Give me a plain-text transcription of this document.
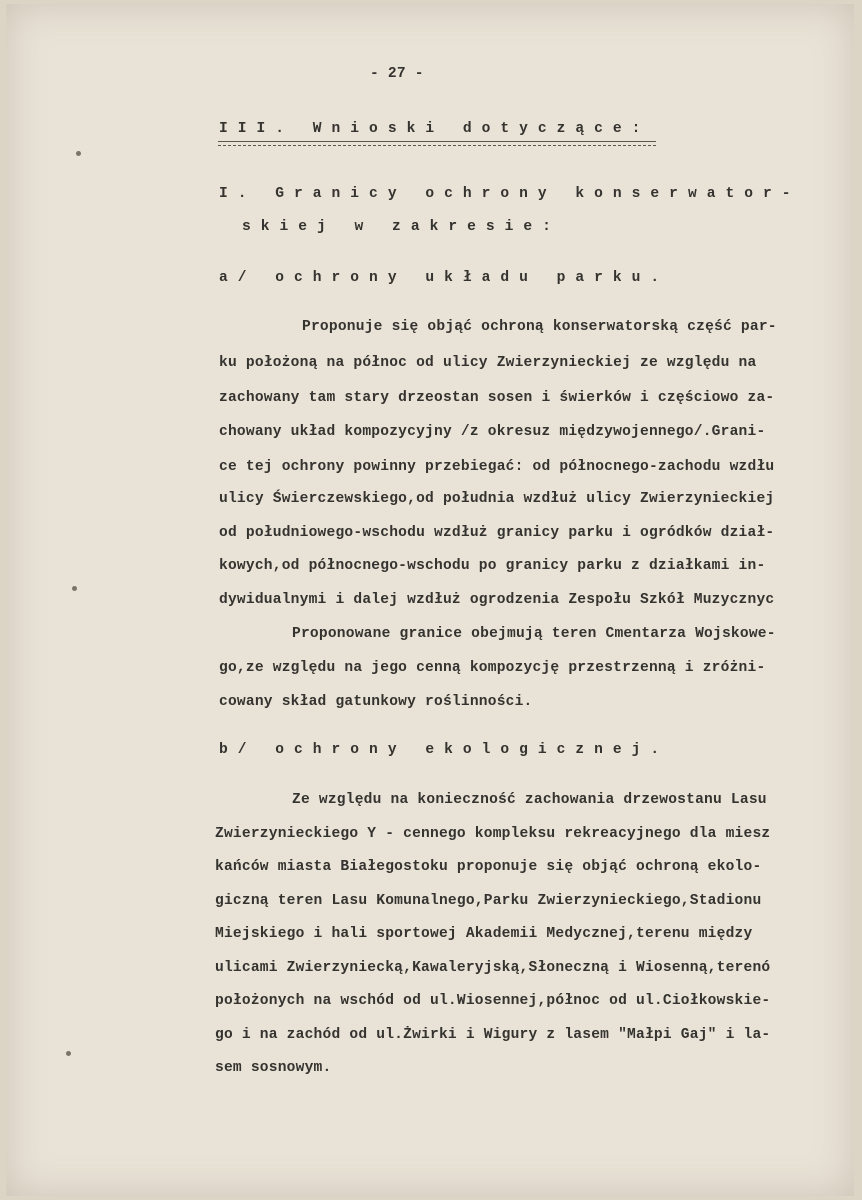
- 27 -
III. Wnioski dotyczące:
I. Granicy ochrony konserwator-
skiej w zakresie:
a/ ochrony układu parku.
Proponuje się objąć ochroną konserwatorską część par-
ku położoną na północ od ulicy Zwierzynieckiej ze względu na
zachowany tam stary drzeostan sosen i świerków i częściowo za-
chowany układ kompozycyjny /z okresuz międzywojennego/.Grani-
ce tej ochrony powinny przebiegać: od północnego-zachodu wzdłu
ulicy Świerczewskiego,od południa wzdłuż ulicy Zwierzynieckiej
od południowego-wschodu wzdłuż granicy parku i ogródków dział-
kowych,od północnego-wschodu po granicy parku z działkami in-
dywidualnymi i dalej wzdłuż ogrodzenia Zespołu Szkół Muzycznyc
Proponowane granice obejmują teren Cmentarza Wojskowe-
go,ze względu na jego cenną kompozycję przestrzenną i zróżni-
cowany skład gatunkowy roślinności.
b/ ochrony ekologicznej.
Ze względu na konieczność zachowania drzewostanu Lasu
Zwierzynieckiego Y - cennego kompleksu rekreacyjnego dla miesz
kańców miasta Białegostoku proponuje się objąć ochroną ekolo-
giczną teren Lasu Komunalnego,Parku Zwierzynieckiego,Stadionu
Miejskiego i hali sportowej Akademii Medycznej,terenu między
ulicami Zwierzyniecką,Kawaleryjską,Słoneczną i Wiosenną,terenó
położonych na wschód od ul.Wiosennej,północ od ul.Ciołkowskie-
go i na zachód od ul.Żwirki i Wigury z lasem "Małpi Gaj" i la-
sem sosnowym.
